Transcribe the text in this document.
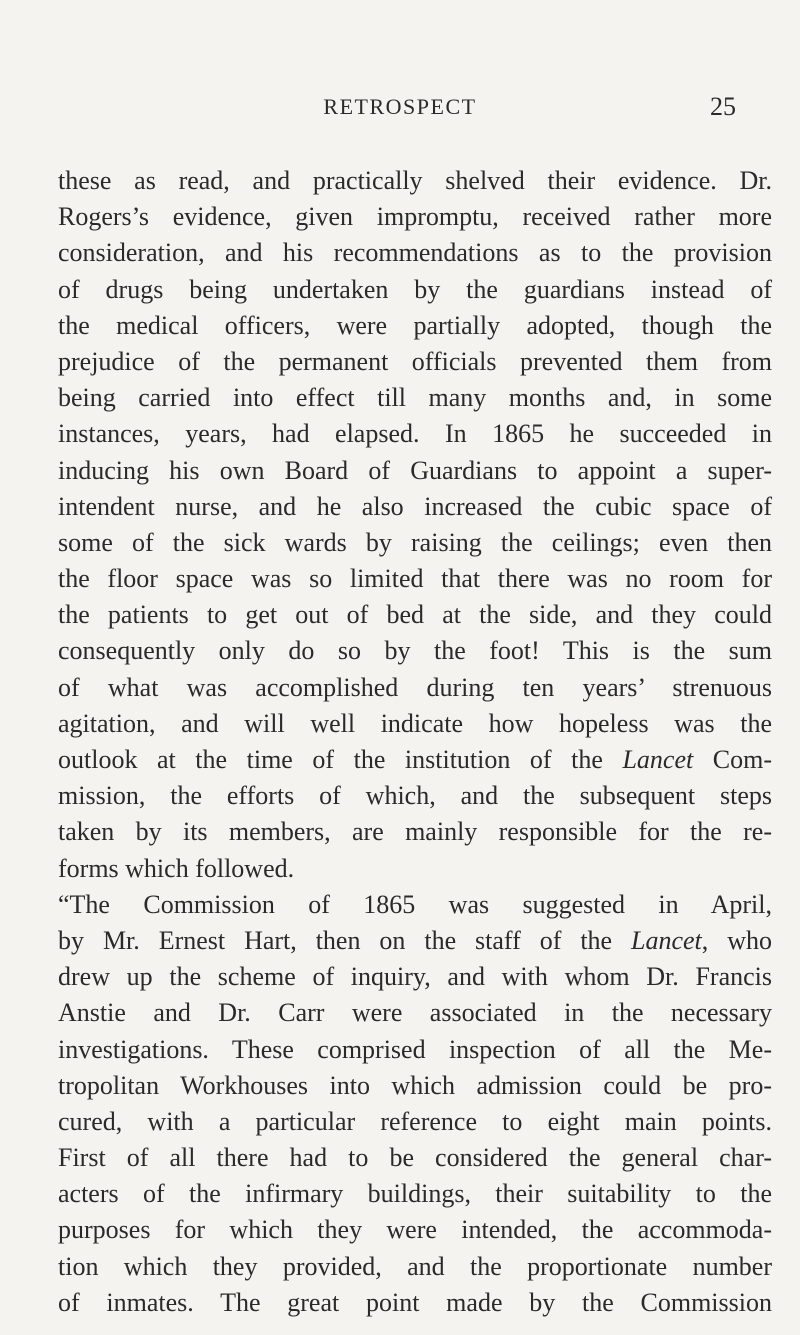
RETROSPECT	25
these as read, and practically shelved their evidence. Dr.
Rogers’s evidence, given impromptu, received rather more
consideration, and his recommendations as to the provision
of drugs being undertaken by the guardians instead of
the medical officers, were partially adopted, though the
prejudice of the permanent officials prevented them from
being carried into effect till many months and, in some
instances, years, had elapsed. In 1865 he succeeded in
inducing his own Board of Guardians to appoint a super-
intendent nurse, and he also increased the cubic space of
some of the sick wards by raising the ceilings; even then
the floor space was so limited that there was no room for
the patients to get out of bed at the side, and they could
consequently only do so by the foot! This is the sum
of what was accomplished during ten years’ strenuous
agitation, and will well indicate how hopeless was the
outlook at the time of the institution of the Lancet Com-
mission, the efforts of which, and the subsequent steps
taken by its members, are mainly responsible for the re-
forms which followed.
“The Commission of 1865 was suggested in April,
by Mr. Ernest Hart, then on the staff of the Lancet, who
drew up the scheme of inquiry, and with whom Dr. Francis
Anstie and Dr. Carr were associated in the necessary
investigations. These comprised inspection of all the Me-
tropolitan Workhouses into which admission could be pro-
cured, with a particular reference to eight main points.
First of all there had to be considered the general char-
acters of the infirmary buildings, their suitability to the
purposes for which they were intended, the accommoda-
tion which they provided, and the proportionate number
of inmates. The great point made by the Commission
